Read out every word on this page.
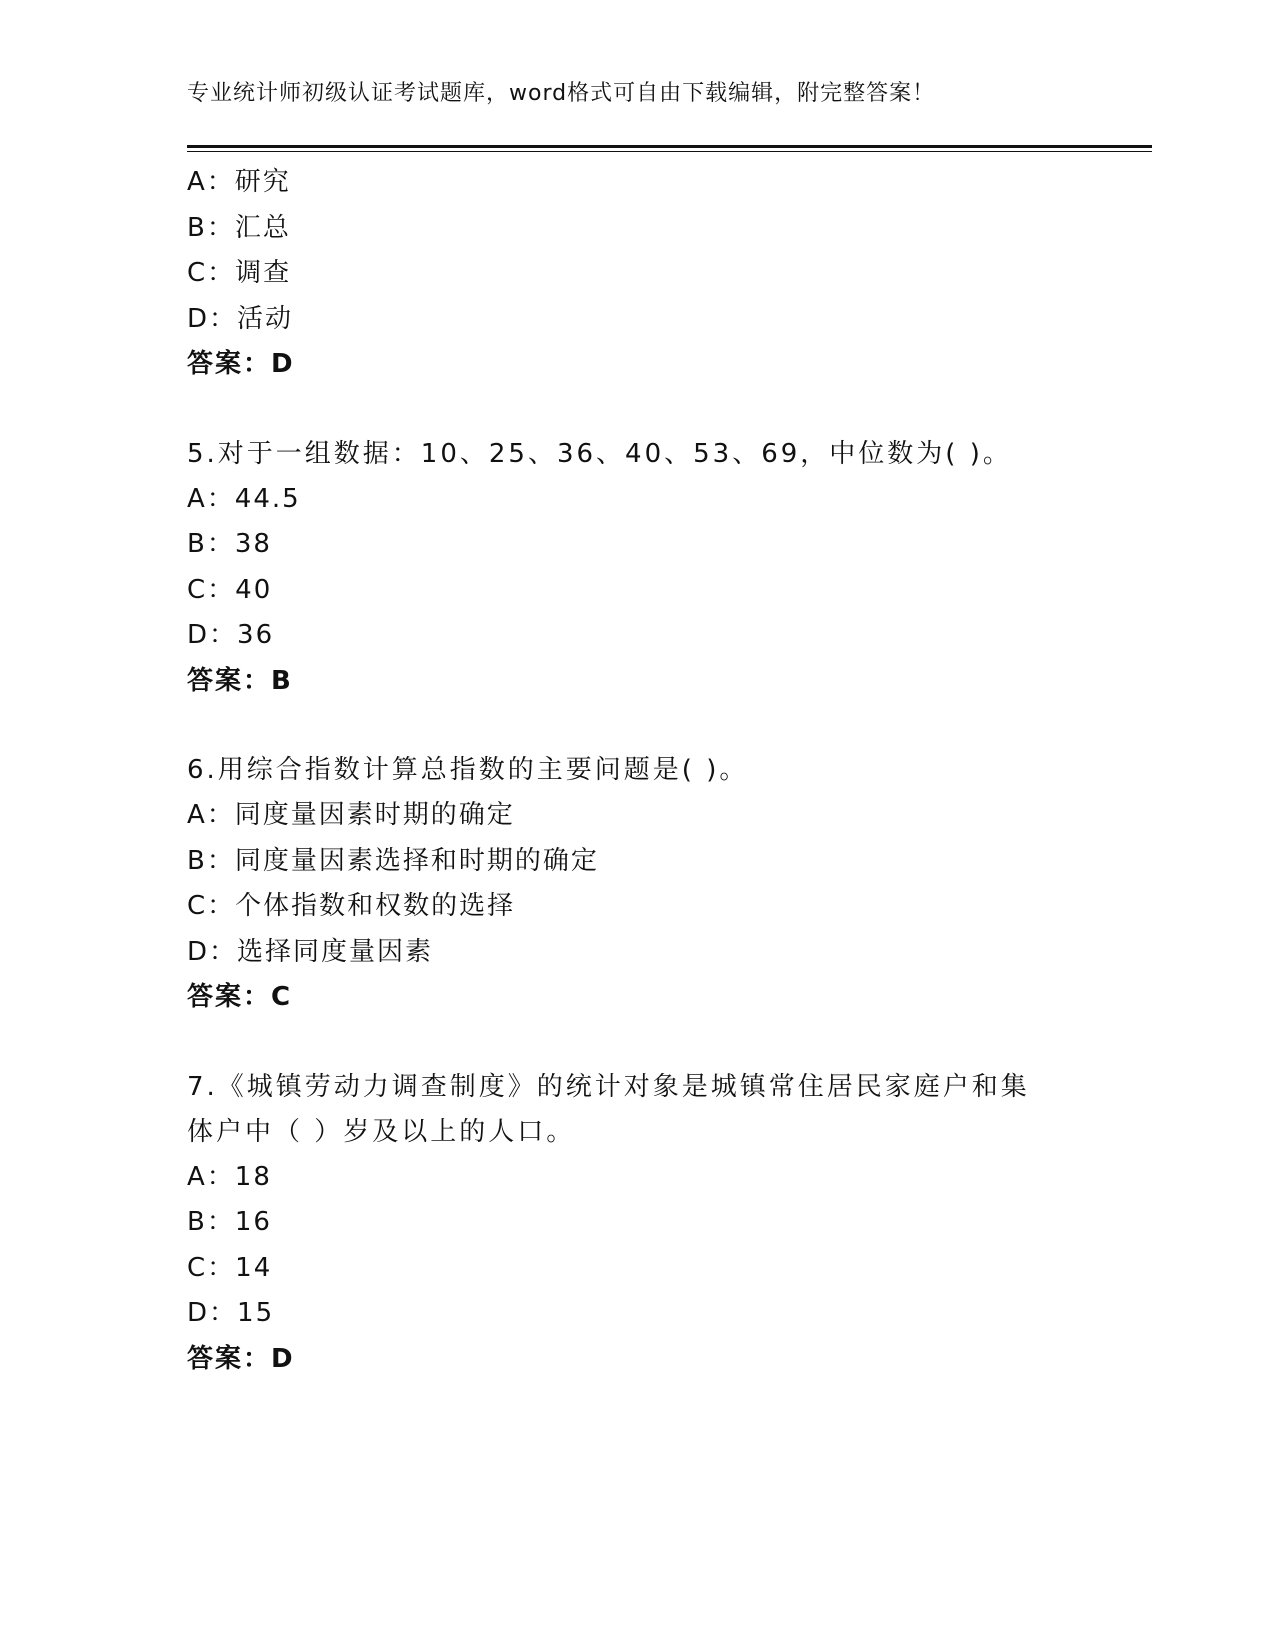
专业统计师初级认证考试题库，word格式可自由下载编辑，附完整答案！
A：研究
B：汇总
C：调查
D：活动
答案：D
5.对于一组数据：10、25、36、40、53、69，中位数为( )。
A：44.5
B：38
C：40
D：36
答案：B
6.用综合指数计算总指数的主要问题是( )。
A：同度量因素时期的确定
B：同度量因素选择和时期的确定
C：个体指数和权数的选择
D：选择同度量因素
答案：C
7.《城镇劳动力调查制度》的统计对象是城镇常住居民家庭户和集体户中（ ）岁及以上的人口。
A：18
B：16
C：14
D：15
答案：D
